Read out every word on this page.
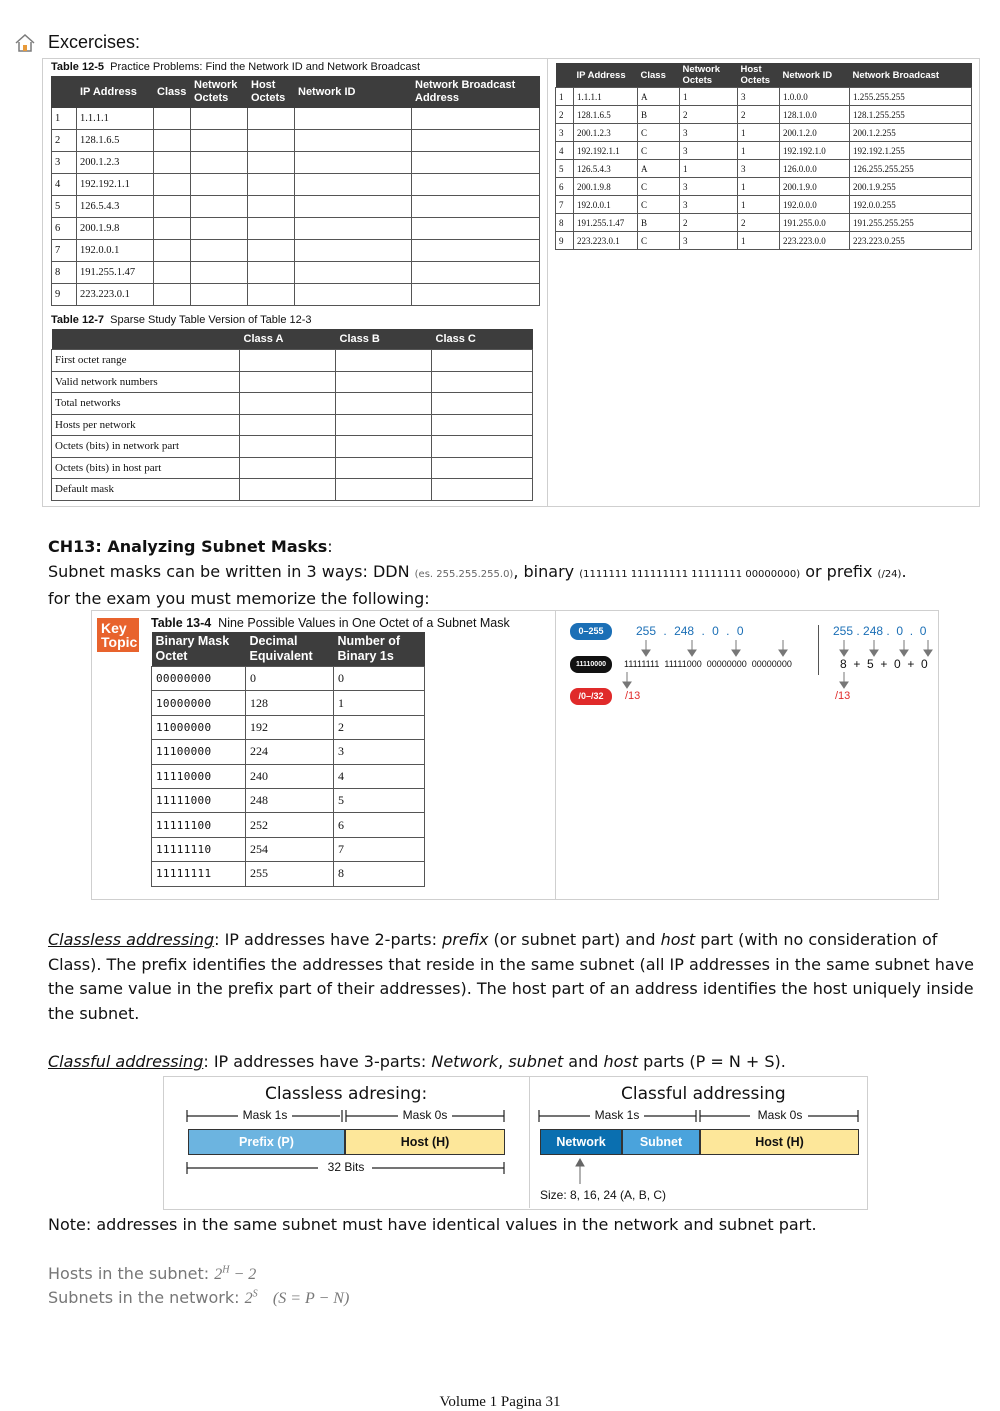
Excercises:
Table 12-5 Practice Problems: Find the Network ID and Network Broadcast
	IP Address	Class	Network Octets	Host Octets	Network ID	Network Broadcast Address
1	1.1.1.1					
2	128.1.6.5					
3	200.1.2.3					
4	192.192.1.1					
5	126.5.4.3					
6	200.1.9.8					
7	192.0.0.1					
8	191.255.1.47					
9	223.223.0.1					
Table 12-7 Sparse Study Table Version of Table 12-3
	Class A	Class B	Class C
First octet range			
Valid network numbers			
Total networks			
Hosts per network			
Octets (bits) in network part			
Octets (bits) in host part			
Default mask			
	IP Address	Class	Network Octets	Host Octets	Network ID	Network Broadcast
1	1.1.1.1	A	1	3	1.0.0.0	1.255.255.255
2	128.1.6.5	B	2	2	128.1.0.0	128.1.255.255
3	200.1.2.3	C	3	1	200.1.2.0	200.1.2.255
4	192.192.1.1	C	3	1	192.192.1.0	192.192.1.255
5	126.5.4.3	A	1	3	126.0.0.0	126.255.255.255
6	200.1.9.8	C	3	1	200.1.9.0	200.1.9.255
7	192.0.0.1	C	3	1	192.0.0.0	192.0.0.255
8	191.255.1.47	B	2	2	191.255.0.0	191.255.255.255
9	223.223.0.1	C	3	1	223.223.0.0	223.223.0.255
CH13: Analyzing Subnet Masks:
Subnet masks can be written in 3 ways: DDN (es. 255.255.255.0), binary (1111111 111111111 11111111 00000000) or prefix (/24).
for the exam you must memorize the following:
Key
Topic
Table 13-4 Nine Possible Values in One Octet of a Subnet Mask
Binary Mask Octet	Decimal Equivalent	Number of Binary 1s
00000000	0	0
10000000	128	1
11000000	192	2
11100000	224	3
11110000	240	4
11111000	248	5
11111100	252	6
11111110	254	7
11111111	255	8
0–255
11110000
/0–/32
255 . 248 . 0 . 0
11111111  11111000  00000000  00000000
/13
255 . 248 .  0  .  0
8  +  5  +  0  +  0
/13
Classless addressing: IP addresses have 2-parts: prefix (or subnet part) and host part (with no consideration of Class). The prefix identifies the addresses that reside in the same subnet (all IP addresses in the same subnet have the same value in the prefix part of their addresses). The host part of an address identifies the host uniquely inside the subnet.
Classful addressing: IP addresses have 3-parts: Network, subnet and host parts (P = N + S).
Classless adresing:	Classful addressing
Mask 1s	Mask 0s
Prefix (P)	Host (H)
32 Bits
Mask 1s	Mask 0s
Network	Subnet	Host (H)
Size: 8, 16, 24 (A, B, C)
Note: addresses in the same subnet must have identical values in the network and subnet part.
Hosts in the subnet: $2^H - 2$
Subnets in the network: $2^S$ (S = P − N)
Volume 1 Pagina 31
